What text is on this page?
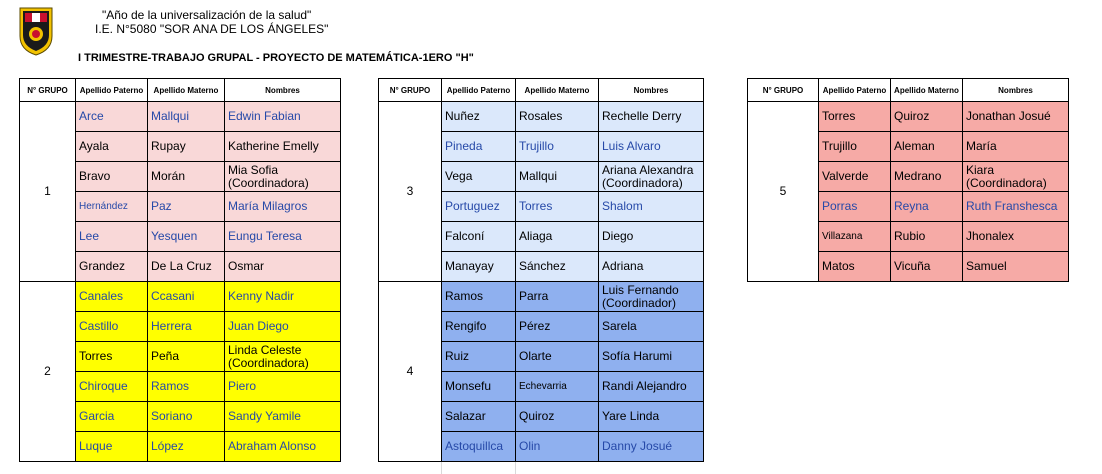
"Año de la universalización de la salud"
I.E. N°5080 "SOR ANA DE LOS ÁNGELES"
I TRIMESTRE-TRABAJO GRUPAL - PROYECTO DE MATEMÁTICA-1ERO "H"
N° GRUPO	Apellido Paterno	Apellido Materno	Nombres
1	Arce	Mallqui	Edwin Fabian
	Ayala	Rupay	Katherine Emelly
	Bravo	Morán	Mia Sofia (Coordinadora)
	Hernández	Paz	María Milagros
	Lee	Yesquen	Eungu Teresa
	Grandez	De La Cruz	Osmar
2	Canales	Ccasani	Kenny Nadir
	Castillo	Herrera	Juan Diego
	Torres	Peña	Linda Celeste (Coordinadora)
	Chiroque	Ramos	Piero
	Garcia	Soriano	Sandy Yamile
	Luque	López	Abraham Alonso
N° GRUPO	Apellido Paterno	Apellido Materno	Nombres
3	Nuñez	Rosales	Rechelle Derry
	Pineda	Trujillo	Luis Alvaro
	Vega	Mallqui	Ariana Alexandra (Coordinadora)
	Portuguez	Torres	Shalom
	Falconí	Aliaga	Diego
	Manayay	Sánchez	Adriana
4	Ramos	Parra	Luis Fernando (Coordinador)
	Rengifo	Pérez	Sarela
	Ruiz	Olarte	Sofía Harumi
	Monsefu	Echevarria	Randi Alejandro
	Salazar	Quiroz	Yare Linda
	Astoquillca	Olin	Danny Josué
N° GRUPO	Apellido Paterno	Apellido Materno	Nombres
5	Torres	Quiroz	Jonathan Josué
	Trujillo	Aleman	María
	Valverde	Medrano	Kiara (Coordinadora)
	Porras	Reyna	Ruth Franshesca
	Villazana	Rubio	Jhonalex
	Matos	Vicuña	Samuel
